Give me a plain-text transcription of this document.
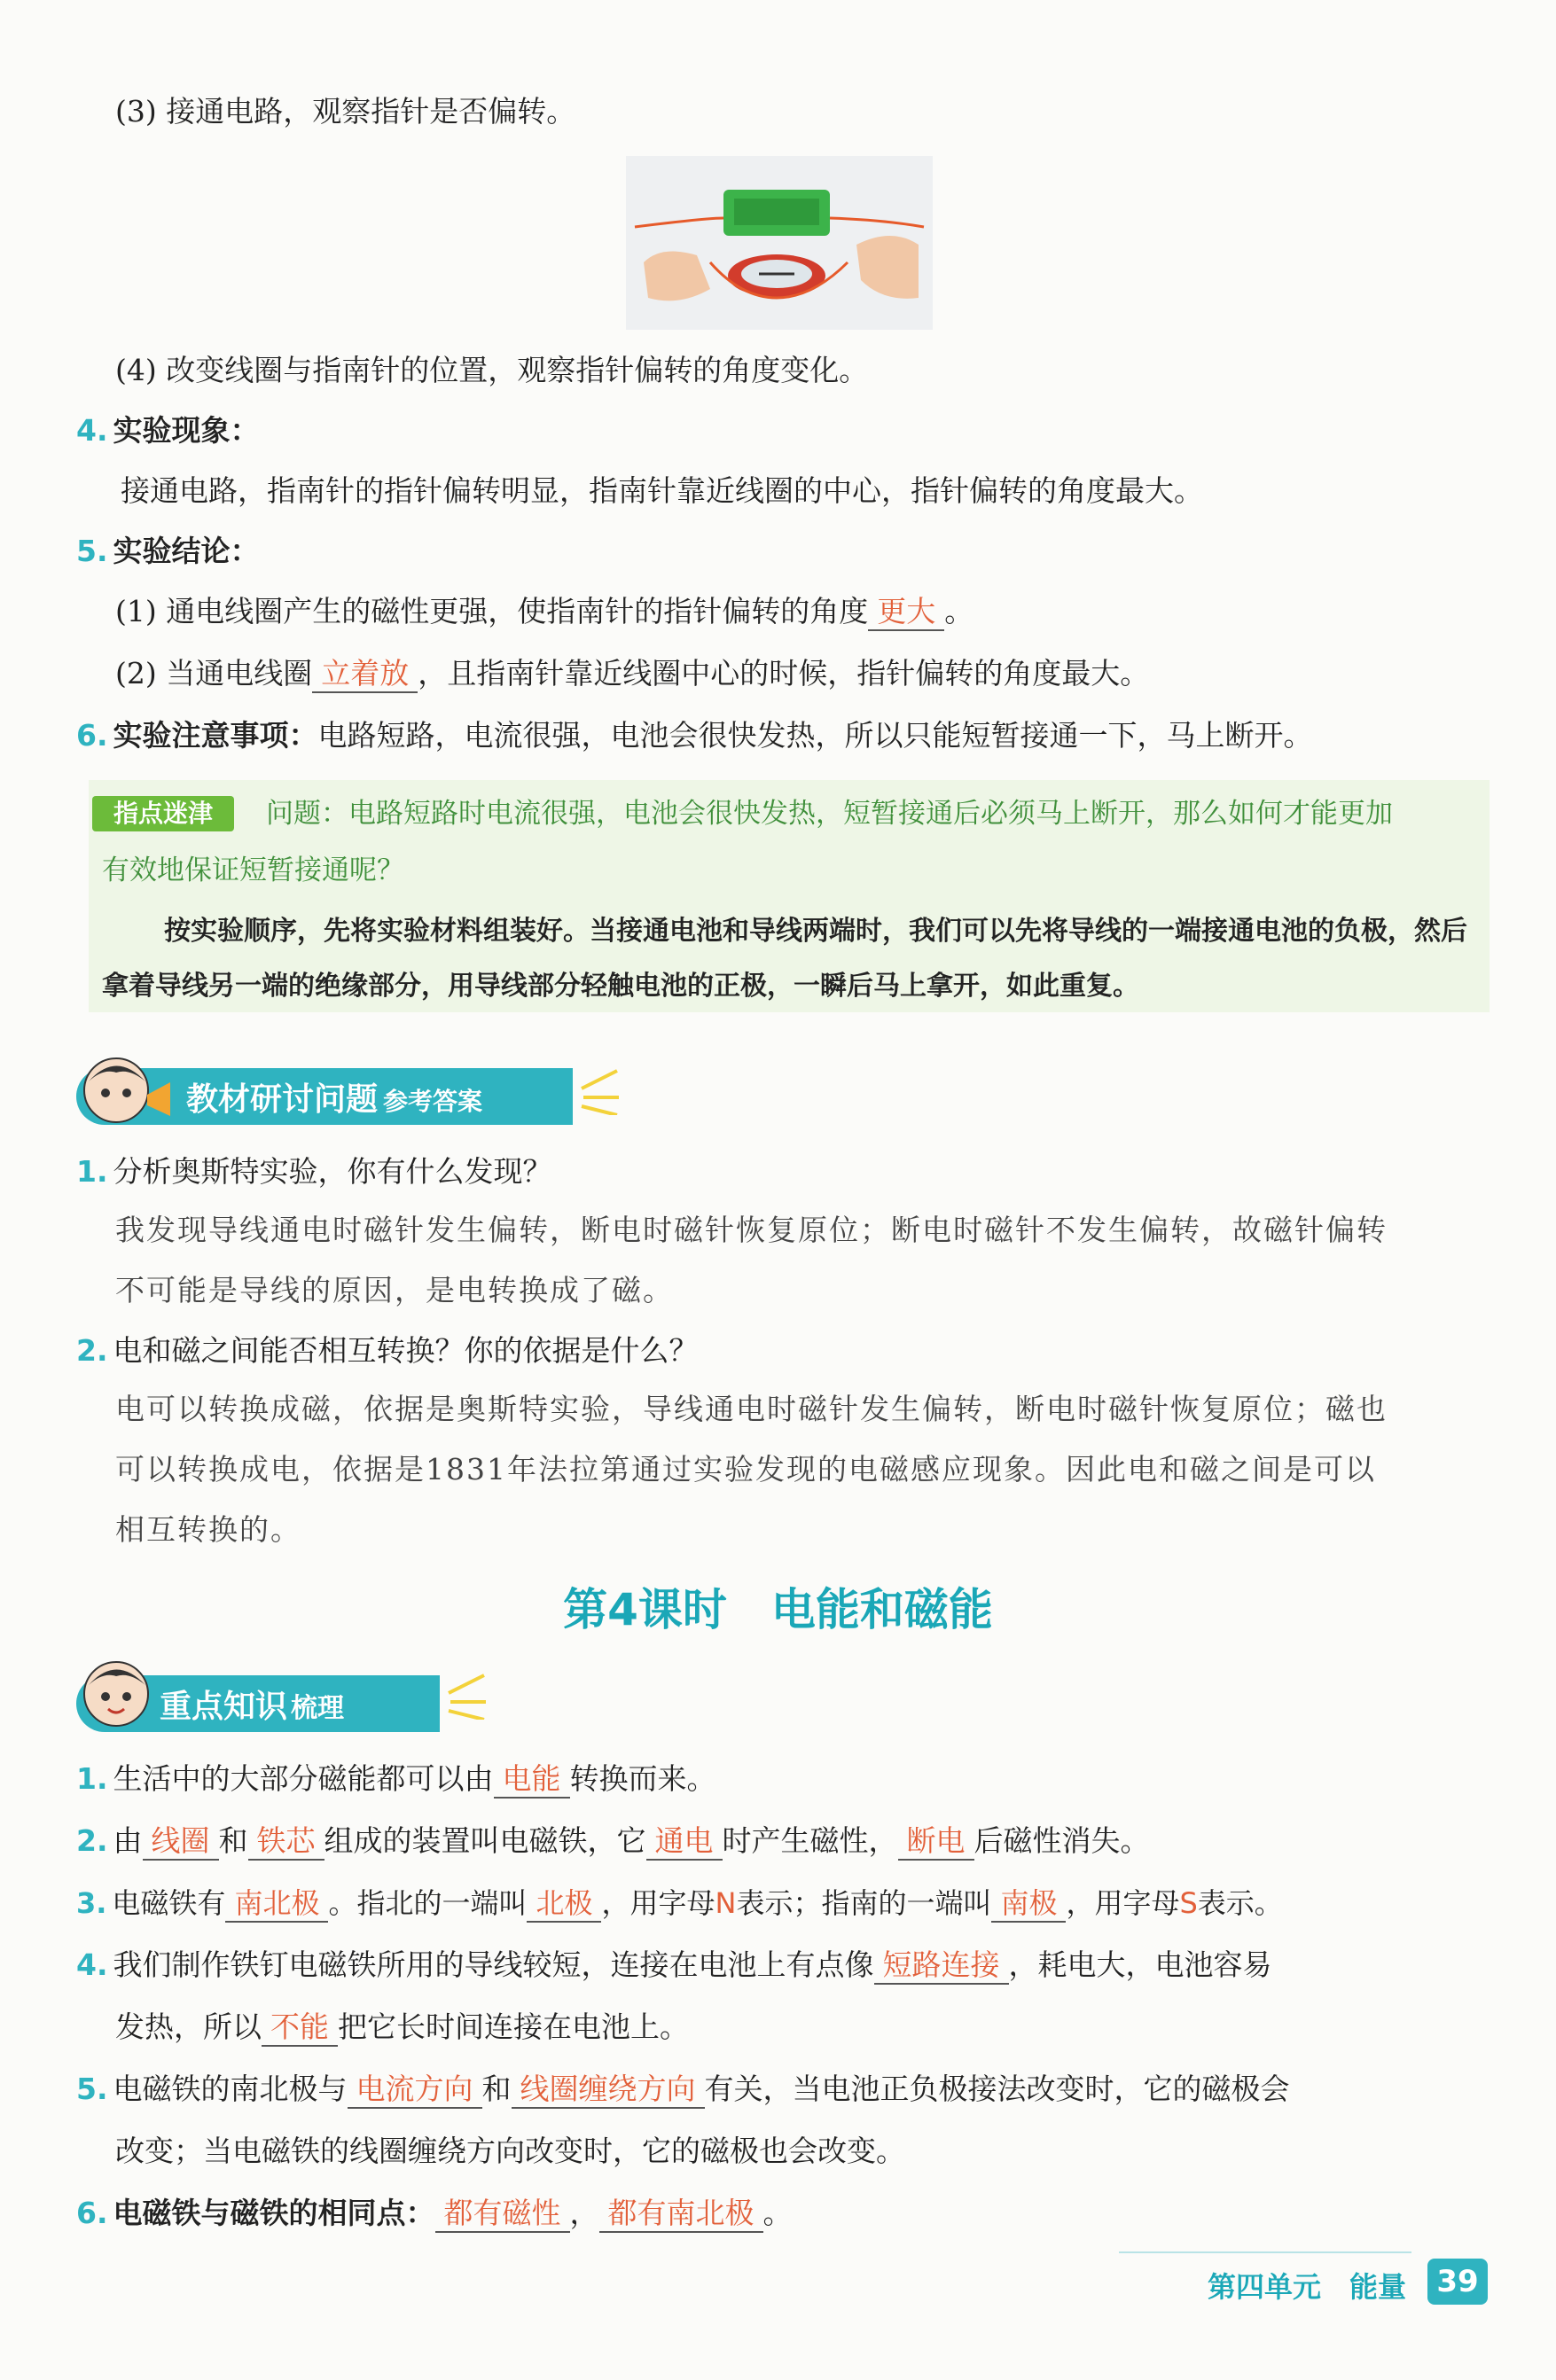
(3) 接通电路，观察指针是否偏转。
(4) 改变线圈与指南针的位置，观察指针偏转的角度变化。
4. 实验现象：
接通电路，指南针的指针偏转明显，指南针靠近线圈的中心，指针偏转的角度最大。
5. 实验结论：
(1) 通电线圈产生的磁性更强，使指南针的指针偏转的角度 更大 。
(2) 当通电线圈 立着放 ，且指南针靠近线圈中心的时候，指针偏转的角度最大。
6. 实验注意事项：电路短路，电流很强，电池会很快发热，所以只能短暂接通一下，马上断开。
指点迷津	问题：电路短路时电流很强，电池会很快发热，短暂接通后必须马上断开，那么如何才能更加
有效地保证短暂接通呢？
按实验顺序，先将实验材料组装好。当接通电池和导线两端时，我们可以先将导线的一端接通电池的负极，然后拿着导线另一端的绝缘部分，用导线部分轻触电池的正极，一瞬后马上拿开，如此重复。
教材研讨问题 参考答案
1. 分析奥斯特实验，你有什么发现？
我发现导线通电时磁针发生偏转，断电时磁针恢复原位；断电时磁针不发生偏转，故磁针偏转
不可能是导线的原因，是电转换成了磁。
2. 电和磁之间能否相互转换？你的依据是什么？
电可以转换成磁，依据是奥斯特实验，导线通电时磁针发生偏转，断电时磁针恢复原位；磁也
可以转换成电，依据是1831年法拉第通过实验发现的电磁感应现象。因此电和磁之间是可以
相互转换的。
第4课时　电能和磁能
重点知识 梳理
1. 生活中的大部分磁能都可以由 电能 转换而来。
2. 由 线圈 和 铁芯 组成的装置叫电磁铁，它 通电 时产生磁性， 断电 后磁性消失。
3. 电磁铁有 南北极 。指北的一端叫 北极 ，用字母N表示；指南的一端叫 南极 ，用字母S表示。
4. 我们制作铁钉电磁铁所用的导线较短，连接在电池上有点像 短路连接 ，耗电大，电池容易
发热，所以 不能 把它长时间连接在电池上。
5. 电磁铁的南北极与 电流方向 和 线圈缠绕方向 有关，当电池正负极接法改变时，它的磁极会
改变；当电磁铁的线圈缠绕方向改变时，它的磁极也会改变。
6. 电磁铁与磁铁的相同点： 都有磁性 ， 都有南北极 。
第四单元　能量	39
